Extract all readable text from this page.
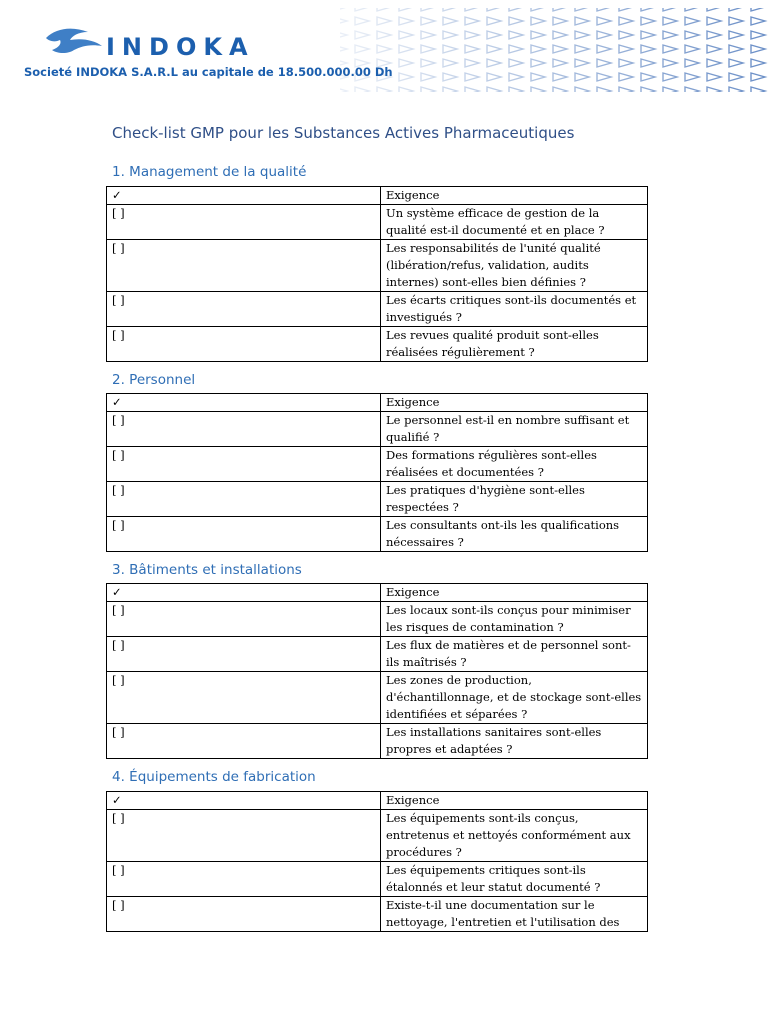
INDOKA
Societé INDOKA S.A.R.L au capitale de 18.500.000.00 Dh
Check-list GMP pour les Substances Actives Pharmaceutiques
1. Management de la qualité
✓	Exigence
[ ]	Un système efficace de gestion de la qualité est-il documenté et en place ?
[ ]	Les responsabilités de l'unité qualité (libération/refus, validation, audits internes) sont-elles bien définies ?
[ ]	Les écarts critiques sont-ils documentés et investigués ?
[ ]	Les revues qualité produit sont-elles réalisées régulièrement ?
2. Personnel
✓	Exigence
[ ]	Le personnel est-il en nombre suffisant et qualifié ?
[ ]	Des formations régulières sont-elles réalisées et documentées ?
[ ]	Les pratiques d'hygiène sont-elles respectées ?
[ ]	Les consultants ont-ils les qualifications nécessaires ?
3. Bâtiments et installations
✓	Exigence
[ ]	Les locaux sont-ils conçus pour minimiser les risques de contamination ?
[ ]	Les flux de matières et de personnel sont-ils maîtrisés ?
[ ]	Les zones de production, d'échantillonnage, et de stockage sont-elles identifiées et séparées ?
[ ]	Les installations sanitaires sont-elles propres et adaptées ?
4. Équipements de fabrication
✓	Exigence
[ ]	Les équipements sont-ils conçus, entretenus et nettoyés conformément aux procédures ?
[ ]	Les équipements critiques sont-ils étalonnés et leur statut documenté ?
[ ]	Existe-t-il une documentation sur le nettoyage, l'entretien et l'utilisation des
